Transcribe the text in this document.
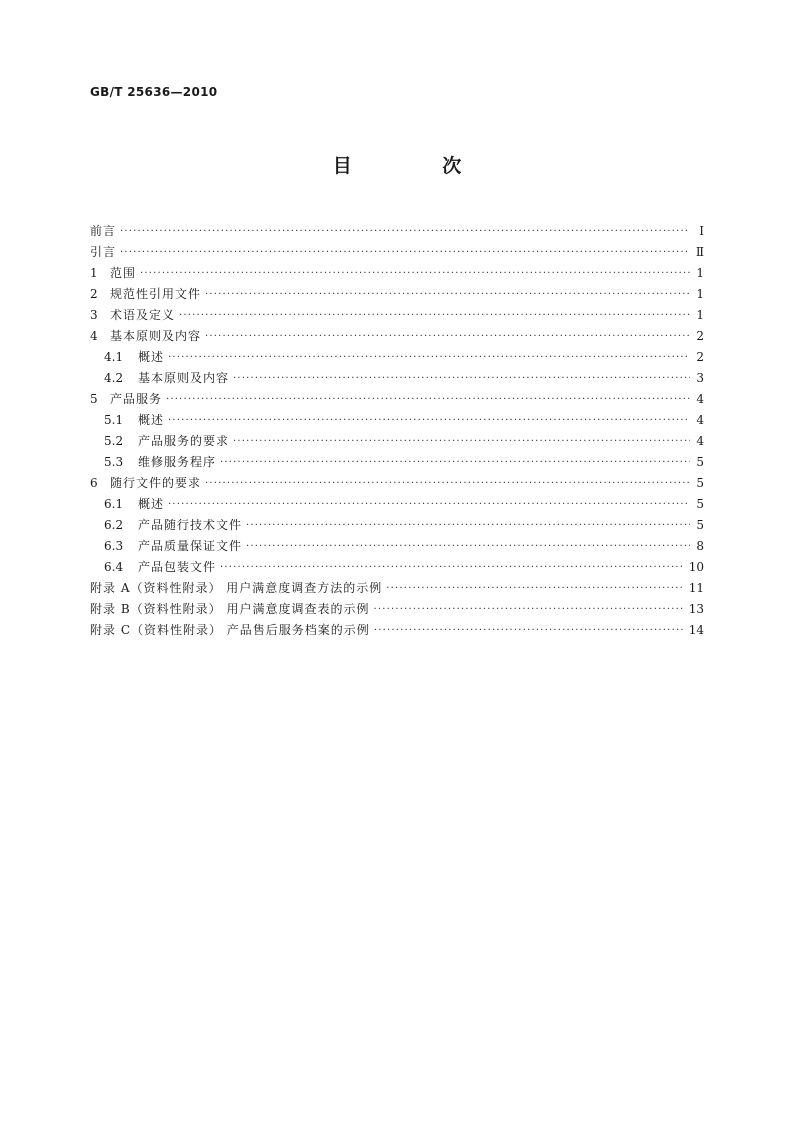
GB/T 25636—2010
目 次
前言 ·····	Ⅰ
引言 ·····	Ⅱ
1	范围 ·····	1
2	规范性引用文件 ·····	1
3	术语及定义 ·····	1
4	基本原则及内容 ·····	2
4.1	概述 ·····	2
4.2	基本原则及内容 ·····	3
5	产品服务 ·····	4
5.1	概述 ·····	4
5.2	产品服务的要求 ·····	4
5.3	维修服务程序 ·····	5
6	随行文件的要求 ·····	5
6.1	概述 ·····	5
6.2	产品随行技术文件 ·····	5
6.3	产品质量保证文件 ·····	8
6.4	产品包装文件 ·····	10
附录 A（资料性附录） 用户满意度调查方法的示例 ·····	11
附录 B（资料性附录） 用户满意度调查表的示例 ·····	13
附录 C（资料性附录） 产品售后服务档案的示例 ·····	14
